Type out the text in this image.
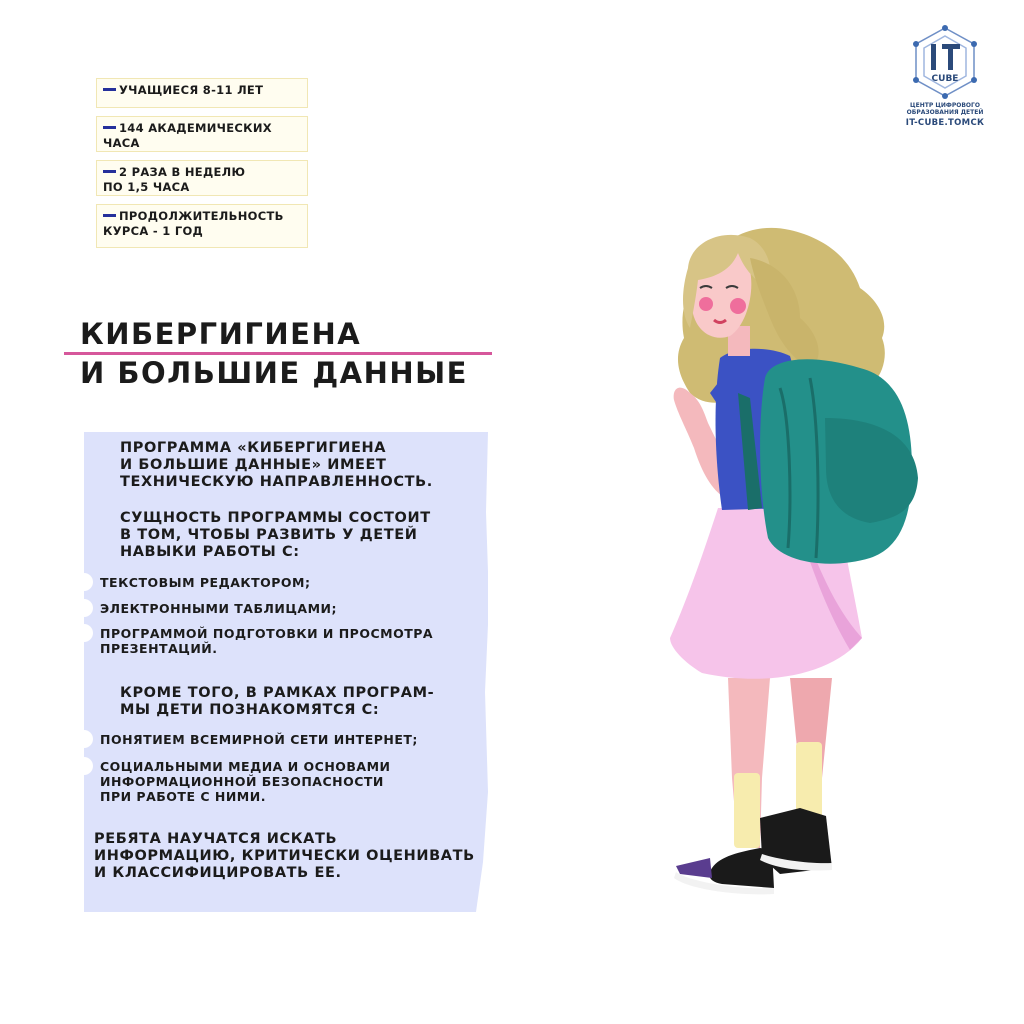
CUBE
ЦЕНТР ЦИФРОВОГО
ОБРАЗОВАНИЯ ДЕТЕЙ
IT-CUBE.ТОМСК
УЧАЩИЕСЯ 8-11 ЛЕТ
144 АКАДЕМИЧЕСКИХ
ЧАСА
2 РАЗА В НЕДЕЛЮ
ПО 1,5 ЧАСА
ПРОДОЛЖИТЕЛЬНОСТЬ
КУРСА - 1 ГОД
КИБЕРГИГИЕНА
И БОЛЬШИЕ ДАННЫЕ

ПРОГРАММА «КИБЕРГИГИЕНА
И БОЛЬШИЕ ДАННЫЕ» ИМЕЕТ
ТЕХНИЧЕСКУЮ НАПРАВЛЕННОСТЬ.

СУЩНОСТЬ ПРОГРАММЫ СОСТОИТ
В ТОМ, ЧТОБЫ РАЗВИТЬ У ДЕТЕЙ
НАВЫКИ РАБОТЫ С:

ТЕКСТОВЫМ РЕДАКТОРОМ;

ЭЛЕКТРОННЫМИ ТАБЛИЦАМИ;

ПРОГРАММОЙ ПОДГОТОВКИ И ПРОСМОТРА
ПРЕЗЕНТАЦИЙ.

КРОМЕ ТОГО, В РАМКАХ ПРОГРАМ-
МЫ ДЕТИ ПОЗНАКОМЯТСЯ С:

ПОНЯТИЕМ ВСЕМИРНОЙ СЕТИ ИНТЕРНЕТ;

СОЦИАЛЬНЫМИ МЕДИА И ОСНОВАМИ
ИНФОРМАЦИОННОЙ БЕЗОПАСНОСТИ
ПРИ РАБОТЕ С НИМИ.

РЕБЯТА НАУЧАТСЯ ИСКАТЬ
ИНФОРМАЦИЮ, КРИТИЧЕСКИ ОЦЕНИВАТЬ
И КЛАССИФИЦИРОВАТЬ ЕЕ.
